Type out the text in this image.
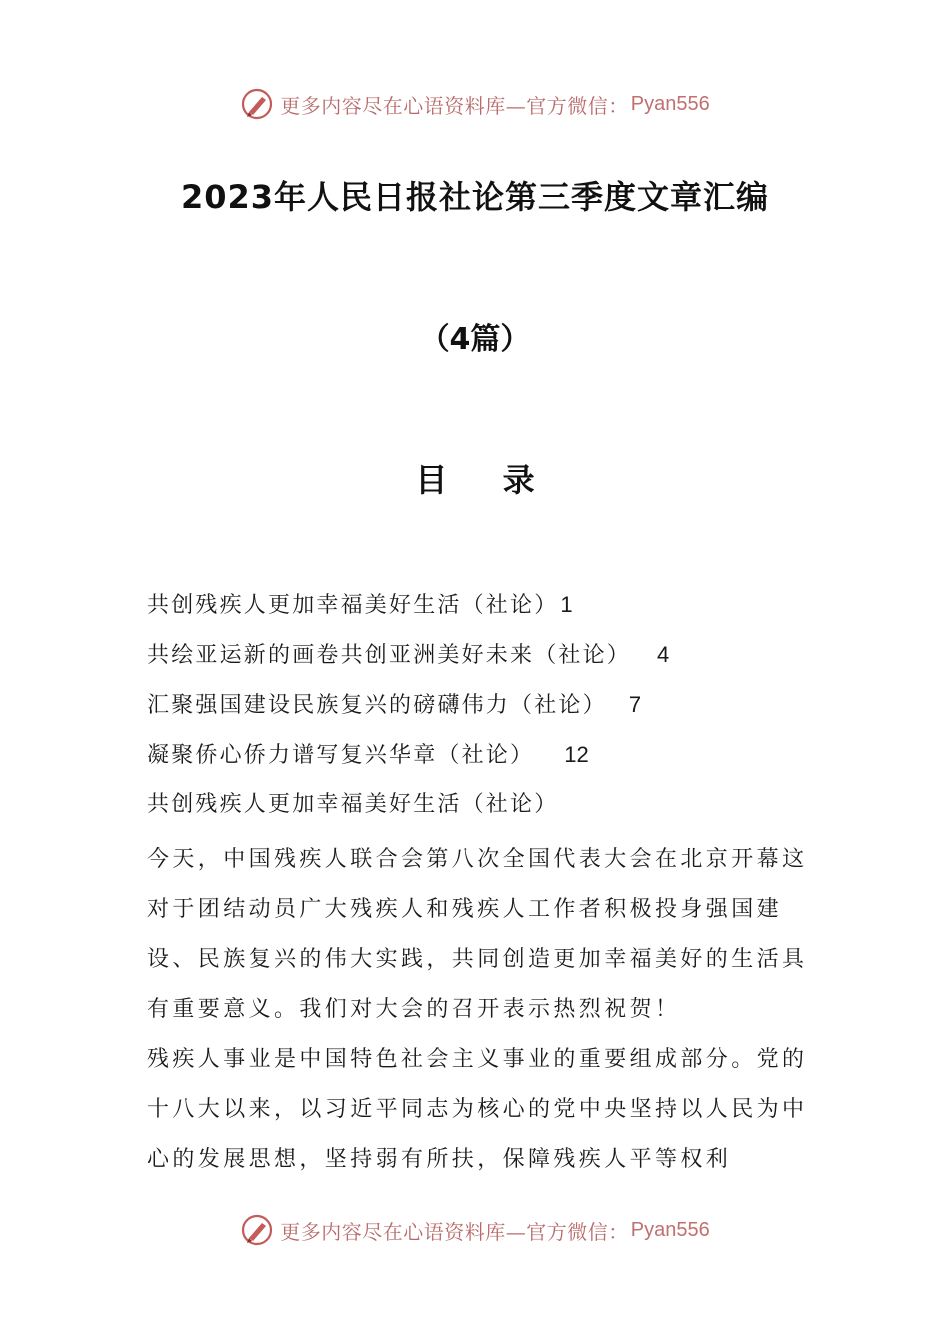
更多内容尽在心语资料库—官方微信： Pyan556
2023年人民日报社论第三季度文章汇编
（4篇）
目 录
共创残疾人更加幸福美好生活（社论）1
共绘亚运新的画卷共创亚洲美好未来（社论） 4
汇聚强国建设民族复兴的磅礴伟力（社论） 7
凝聚侨心侨力谱写复兴华章（社论） 12
共创残疾人更加幸福美好生活（社论）

今天，中国残疾人联合会第八次全国代表大会在北京开幕这对于团结动员广大残疾人和残疾人工作者积极投身强国建设、民族复兴的伟大实践，共同创造更加幸福美好的生活具有重要意义。我们对大会的召开表示热烈祝贺！

残疾人事业是中国特色社会主义事业的重要组成部分。党的十八大以来，以习近平同志为核心的党中央坚持以人民为中心的发展思想，坚持弱有所扶，保障残疾人平等权利

更多内容尽在心语资料库—官方微信： Pyan556
